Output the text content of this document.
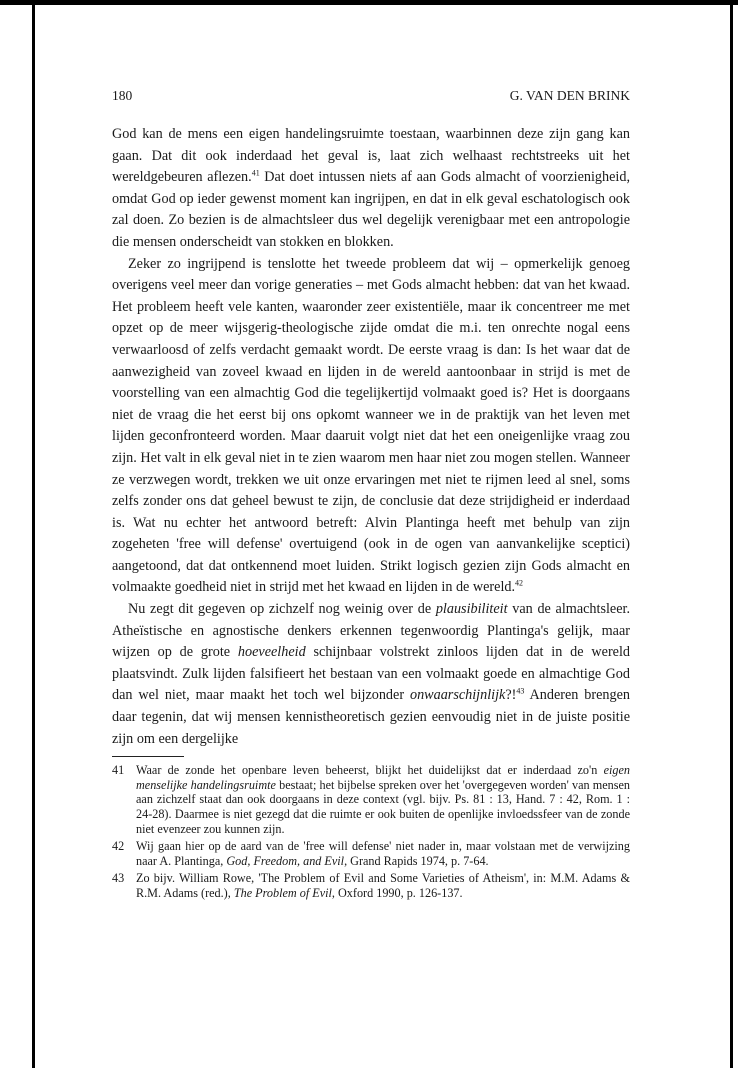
180	G. VAN DEN BRINK

God kan de mens een eigen handelingsruimte toestaan, waarbinnen deze zijn gang kan gaan. Dat dit ook inderdaad het geval is, laat zich welhaast rechtstreeks uit het wereldgebeuren aflezen.$^{41}$ Dat doet intussen niets af aan Gods almacht of voorzienigheid, omdat God op ieder gewenst moment kan ingrijpen, en dat in elk geval eschatologisch ook zal doen. Zo bezien is de almachtsleer dus wel degelijk verenigbaar met een antropologie die mensen onderscheidt van stokken en blokken.

Zeker zo ingrijpend is tenslotte het tweede probleem dat wij – opmerkelijk genoeg overigens veel meer dan vorige generaties – met Gods almacht hebben: dat van het kwaad. Het probleem heeft vele kanten, waaronder zeer existentiële, maar ik concentreer me met opzet op de meer wijsgerig-theologische zijde omdat die m.i. ten onrechte nogal eens verwaarloosd of zelfs verdacht gemaakt wordt. De eerste vraag is dan: Is het waar dat de aanwezigheid van zoveel kwaad en lijden in de wereld aantoonbaar in strijd is met de voorstelling van een almachtig God die tegelijkertijd volmaakt goed is? Het is doorgaans niet de vraag die het eerst bij ons opkomt wanneer we in de praktijk van het leven met lijden geconfronteerd worden. Maar daaruit volgt niet dat het een oneigenlijke vraag zou zijn. Het valt in elk geval niet in te zien waarom men haar niet zou mogen stellen. Wanneer ze verzwegen wordt, trekken we uit onze ervaringen met niet te rijmen leed al snel, soms zelfs zonder ons dat geheel bewust te zijn, de conclusie dat deze strijdigheid er inderdaad is. Wat nu echter het antwoord betreft: Alvin Plantinga heeft met behulp van zijn zogeheten 'free will defense' overtuigend (ook in de ogen van aanvankelijke sceptici) aangetoond, dat dat ontkennend moet luiden. Strikt logisch gezien zijn Gods almacht en volmaakte goedheid niet in strijd met het kwaad en lijden in de wereld.$^{42}$

Nu zegt dit gegeven op zichzelf nog weinig over de plausibiliteit van de almachtsleer. Atheïstische en agnostische denkers erkennen tegenwoordig Plantinga's gelijk, maar wijzen op de grote hoeveelheid schijnbaar volstrekt zinloos lijden dat in de wereld plaatsvindt. Zulk lijden falsifieert het bestaan van een volmaakt goede en almachtige God dan wel niet, maar maakt het toch wel bijzonder onwaarschijnlijk?!$^{43}$ Anderen brengen daar tegenin, dat wij mensen kennistheoretisch gezien eenvoudig niet in de juiste positie zijn om een dergelijke

41 Waar de zonde het openbare leven beheerst, blijkt het duidelijkst dat er inderdaad zo'n eigen menselijke handelingsruimte bestaat; het bijbelse spreken over het 'overgegeven worden' van mensen aan zichzelf staat dan ook doorgaans in deze context (vgl. bijv. Ps. 81 : 13, Hand. 7 : 42, Rom. 1 : 24-28). Daarmee is niet gezegd dat die ruimte er ook buiten de openlijke invloedssfeer van de zonde niet evenzeer zou kunnen zijn.
42 Wij gaan hier op de aard van de 'free will defense' niet nader in, maar volstaan met de verwijzing naar A. Plantinga, God, Freedom, and Evil, Grand Rapids 1974, p. 7-64.
43 Zo bijv. William Rowe, 'The Problem of Evil and Some Varieties of Atheism', in: M.M. Adams & R.M. Adams (red.), The Problem of Evil, Oxford 1990, p. 126-137.
